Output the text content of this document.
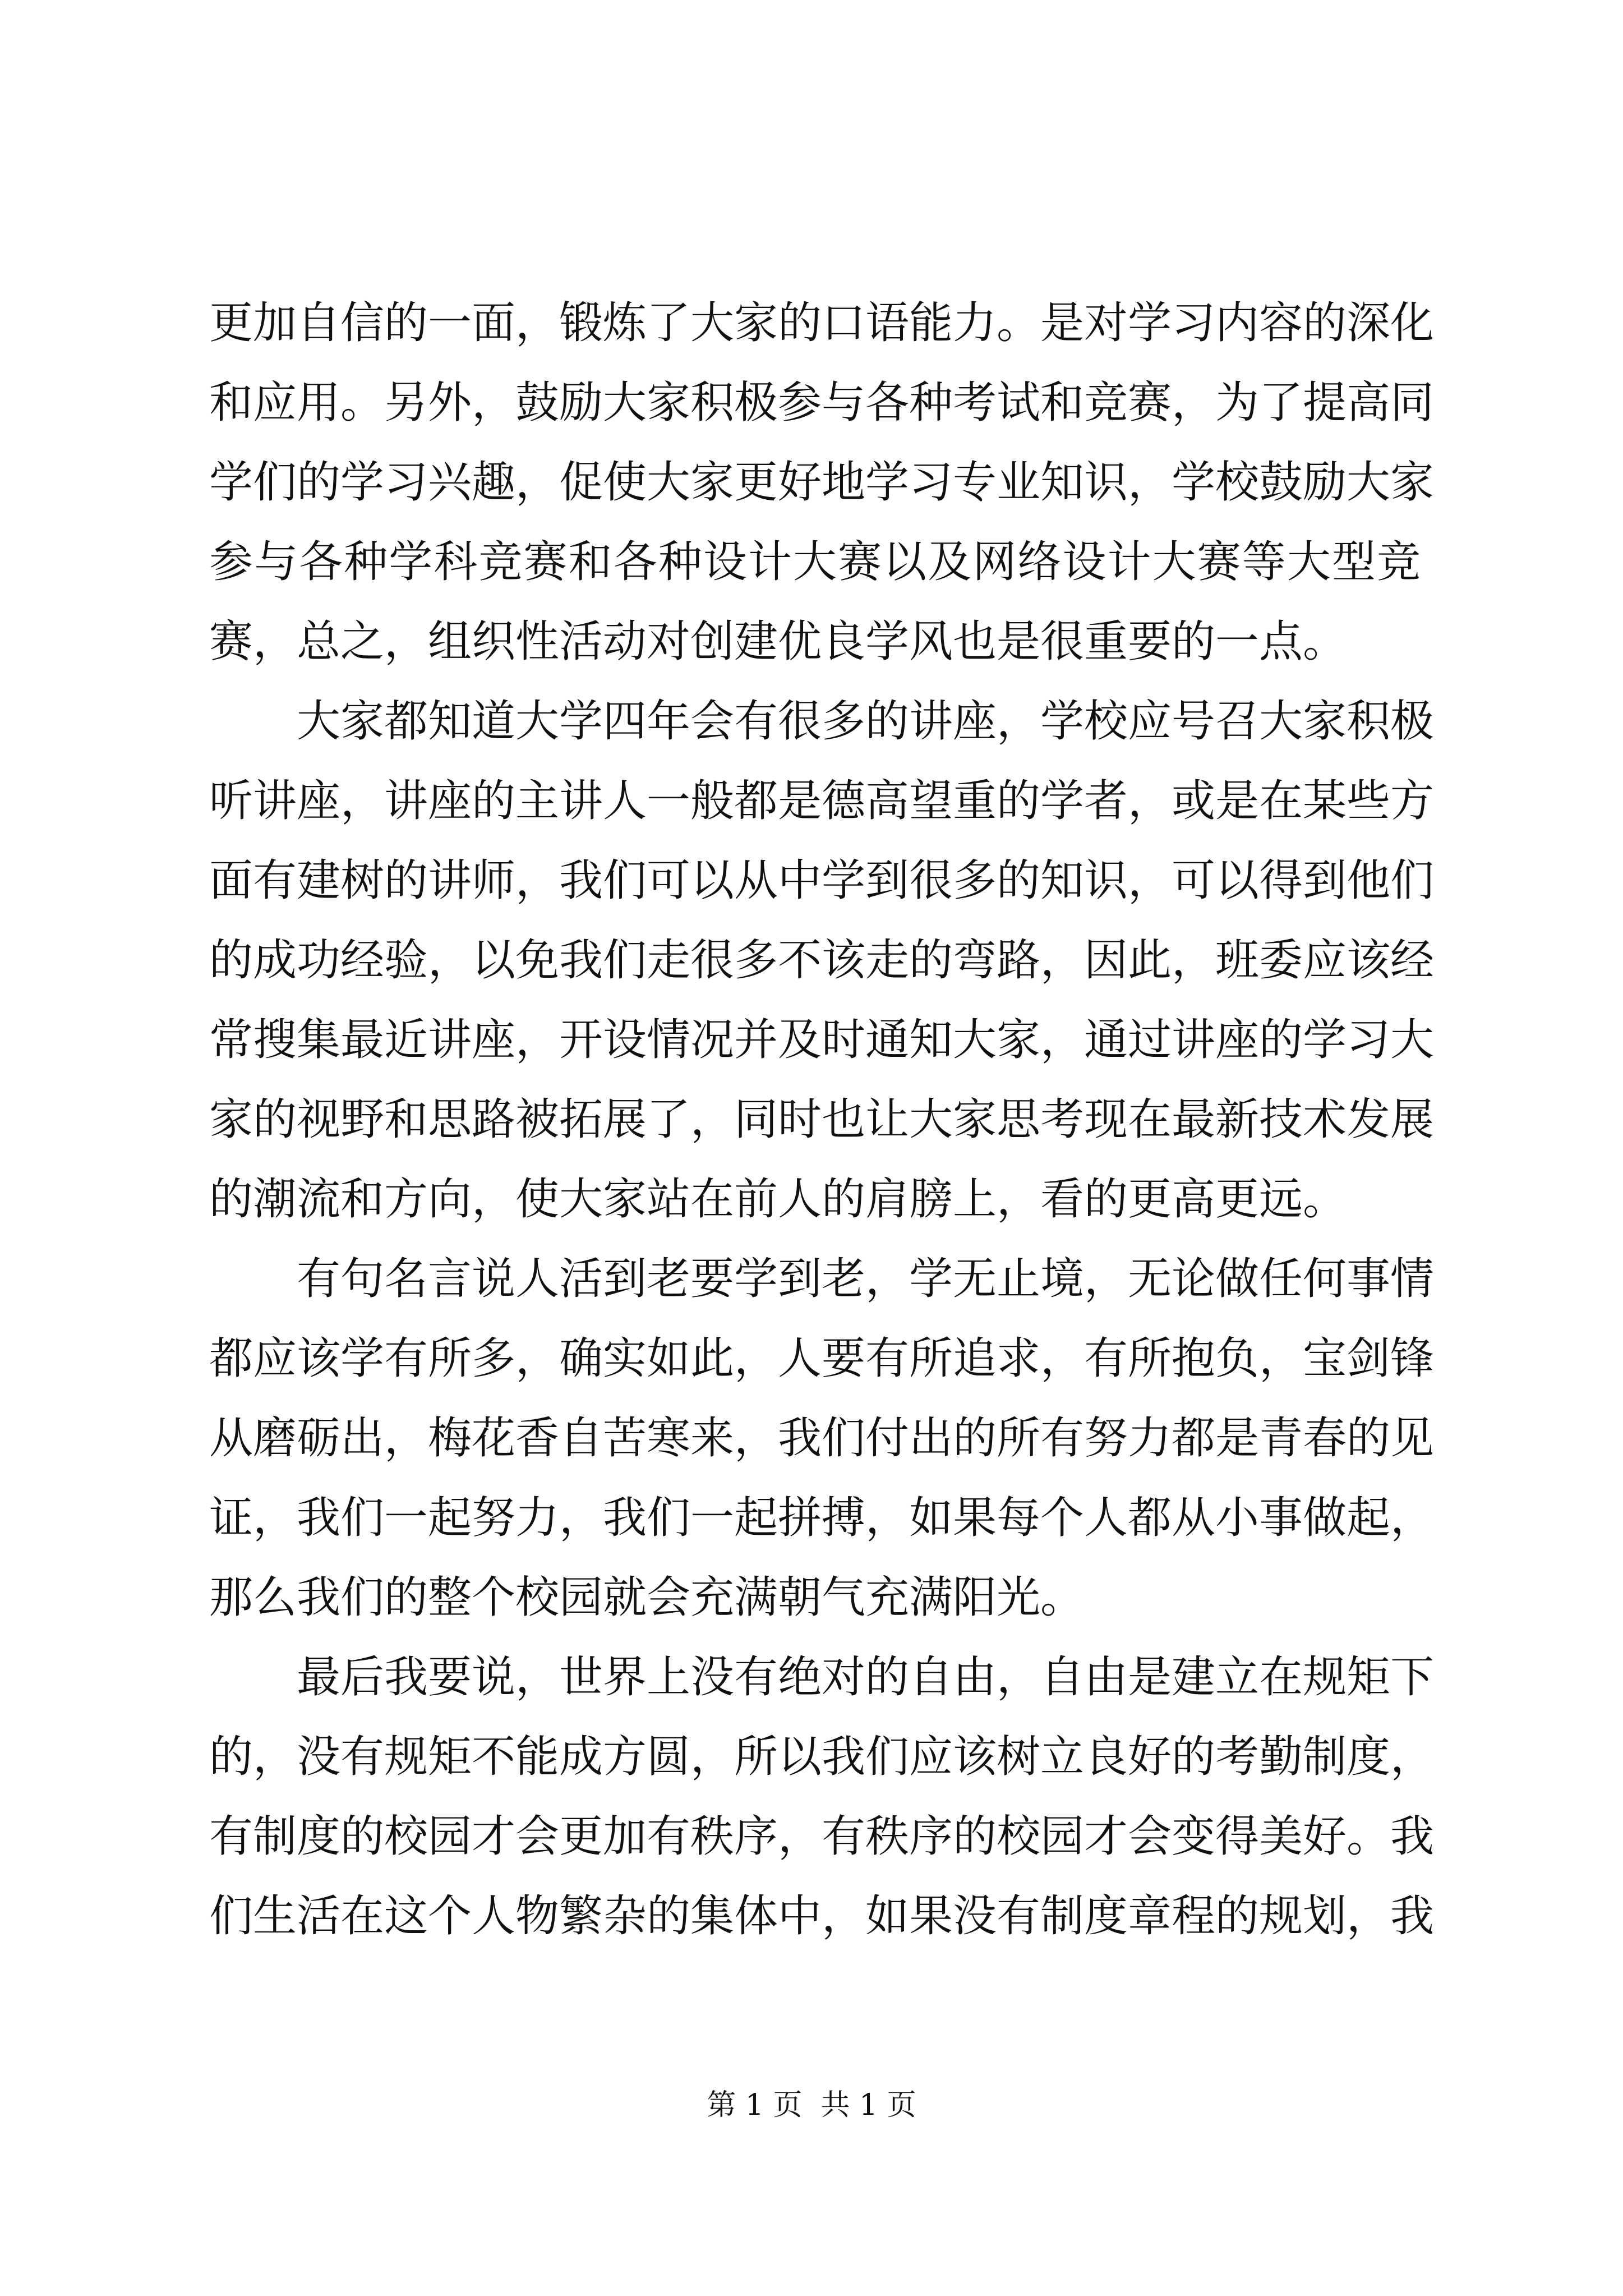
更加自信的一面，锻炼了大家的口语能力。是对学习内容的深化
和应用。另外，鼓励大家积极参与各种考试和竞赛，为了提高同
学们的学习兴趣，促使大家更好地学习专业知识，学校鼓励大家
参与各种学科竞赛和各种设计大赛以及网络设计大赛等大型竞
赛，总之，组织性活动对创建优良学风也是很重要的一点。
大家都知道大学四年会有很多的讲座，学校应号召大家积极
听讲座，讲座的主讲人一般都是德高望重的学者，或是在某些方
面有建树的讲师，我们可以从中学到很多的知识，可以得到他们
的成功经验，以免我们走很多不该走的弯路，因此，班委应该经
常搜集最近讲座，开设情况并及时通知大家，通过讲座的学习大
家的视野和思路被拓展了，同时也让大家思考现在最新技术发展
的潮流和方向，使大家站在前人的肩膀上，看的更高更远。
有句名言说人活到老要学到老，学无止境，无论做任何事情
都应该学有所多，确实如此，人要有所追求，有所抱负，宝剑锋
从磨砺出，梅花香自苦寒来，我们付出的所有努力都是青春的见
证，我们一起努力，我们一起拼搏，如果每个人都从小事做起，
那么我们的整个校园就会充满朝气充满阳光。
最后我要说，世界上没有绝对的自由，自由是建立在规矩下
的，没有规矩不能成方圆，所以我们应该树立良好的考勤制度，
有制度的校园才会更加有秩序，有秩序的校园才会变得美好。我
们生活在这个人物繁杂的集体中，如果没有制度章程的规划，我
第 1 页  共 1 页
